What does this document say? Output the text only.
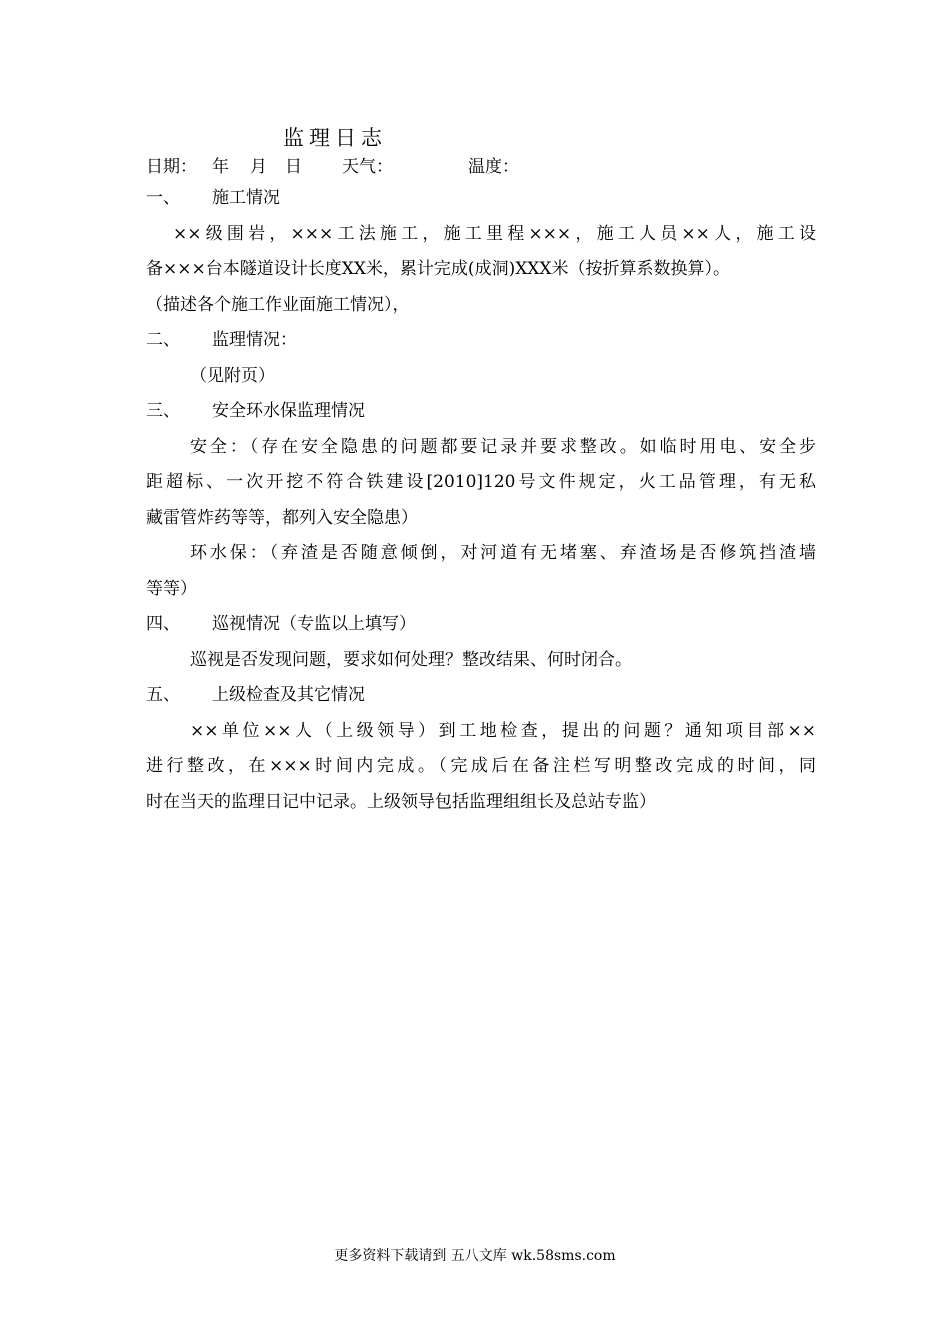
监理日志
日期： 年	月	日	天气：	温度：
一、	施工情况
××级围岩，×××工法施工，施工里程×××，施工人员××人，施工设
备×××台本隧道设计长度XX米，累计完成(成洞)XXX米（按折算系数换算）。
（描述各个施工作业面施工情况），
二、	监理情况：
（见附页）
三、	安全环水保监理情况
安全：（存在安全隐患的问题都要记录并要求整改。如临时用电、安全步
距超标、一次开挖不符合铁建设[2010]120号文件规定，火工品管理，有无私
藏雷管炸药等等，都列入安全隐患）
环水保：（弃渣是否随意倾倒，对河道有无堵塞、弃渣场是否修筑挡渣墙
等等）
四、	巡视情况（专监以上填写）
巡视是否发现问题，要求如何处理？整改结果、何时闭合。
五、	上级检查及其它情况
××单位××人（上级领导）到工地检查，提出的问题？通知项目部××
进行整改，在×××时间内完成。（完成后在备注栏写明整改完成的时间，同
时在当天的监理日记中记录。上级领导包括监理组组长及总站专监）
更多资料下载请到 五八文库 wk.58sms.com
